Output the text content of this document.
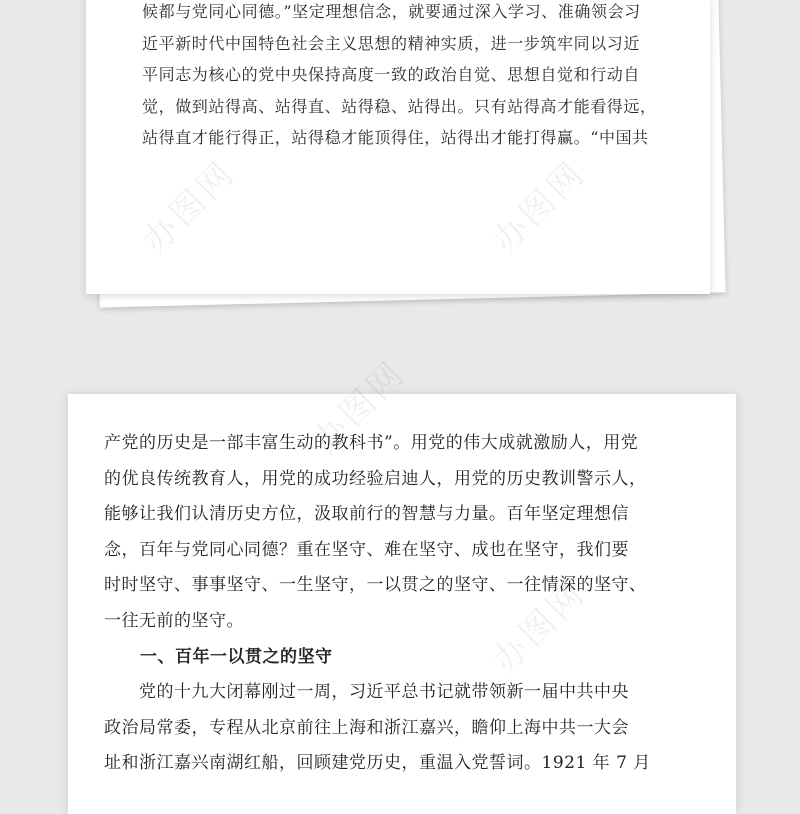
候都与党同心同德。”坚定理想信念，就要通过深入学习、准确领会习

近平新时代中国特色社会主义思想的精神实质，进一步筑牢同以习近

平同志为核心的党中央保持高度一致的政治自觉、思想自觉和行动自

觉，做到站得高、站得直、站得稳、站得出。只有站得高才能看得远，

站得直才能行得正，站得稳才能顶得住，站得出才能打得赢。“中国共

产党的历史是一部丰富生动的教科书”。用党的伟大成就激励人，用党

的优良传统教育人，用党的成功经验启迪人，用党的历史教训警示人，

能够让我们认清历史方位，汲取前行的智慧与力量。百年坚定理想信

念，百年与党同心同德？重在坚守、难在坚守、成也在坚守，我们要

时时坚守、事事坚守、一生坚守，一以贯之的坚守、一往情深的坚守、

一往无前的坚守。

一、百年一以贯之的坚守

　　党的十九大闭幕刚过一周，习近平总书记就带领新一届中共中央

政治局常委，专程从北京前往上海和浙江嘉兴，瞻仰上海中共一大会

址和浙江嘉兴南湖红船，回顾建党历史，重温入党誓词。1921 年 7 月
